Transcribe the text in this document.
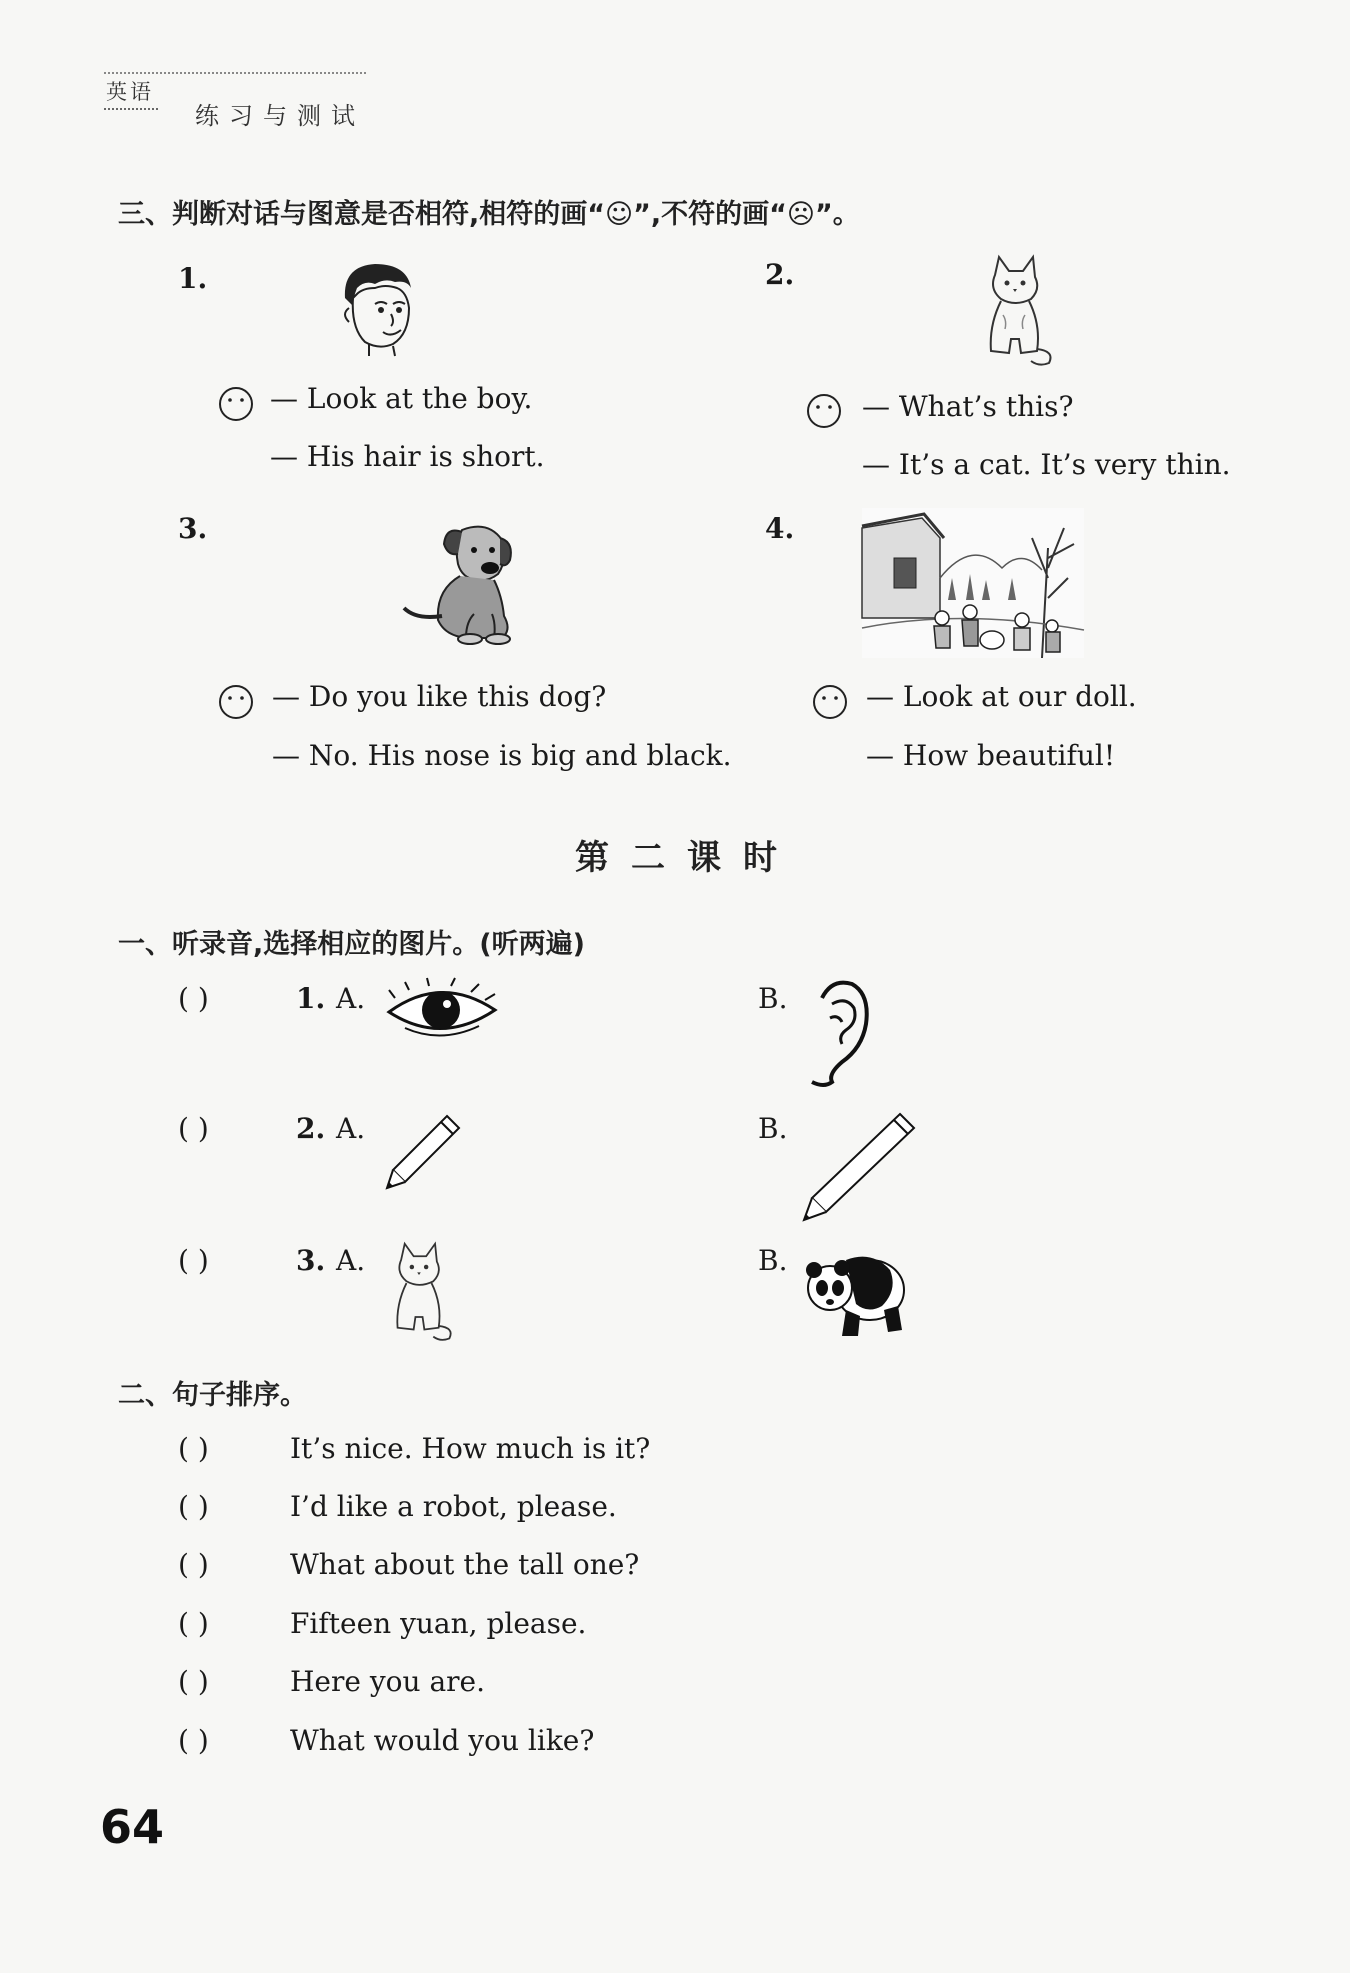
英语
练习与测试
三、判断对话与图意是否相符,相符的画“☺”,不符的画“☹”。
1.
— Look at the boy.
— His hair is short.
2.
— What’s this?
— It’s a cat. It’s very thin.
3.
— Do you like this dog?
— No. His nose is big and black.
4.
— Look at our doll.
— How beautiful!
第二课时
一、听录音,选择相应的图片。(听两遍)
( )	1. A.	B.
( )	2. A.	B.
( )	3. A.	B.
二、句子排序。
( )	It’s nice. How much is it?
( )	I’d like a robot, please.
( )	What about the tall one?
( )	Fifteen yuan, please.
( )	Here you are.
( )	What would you like?
64
